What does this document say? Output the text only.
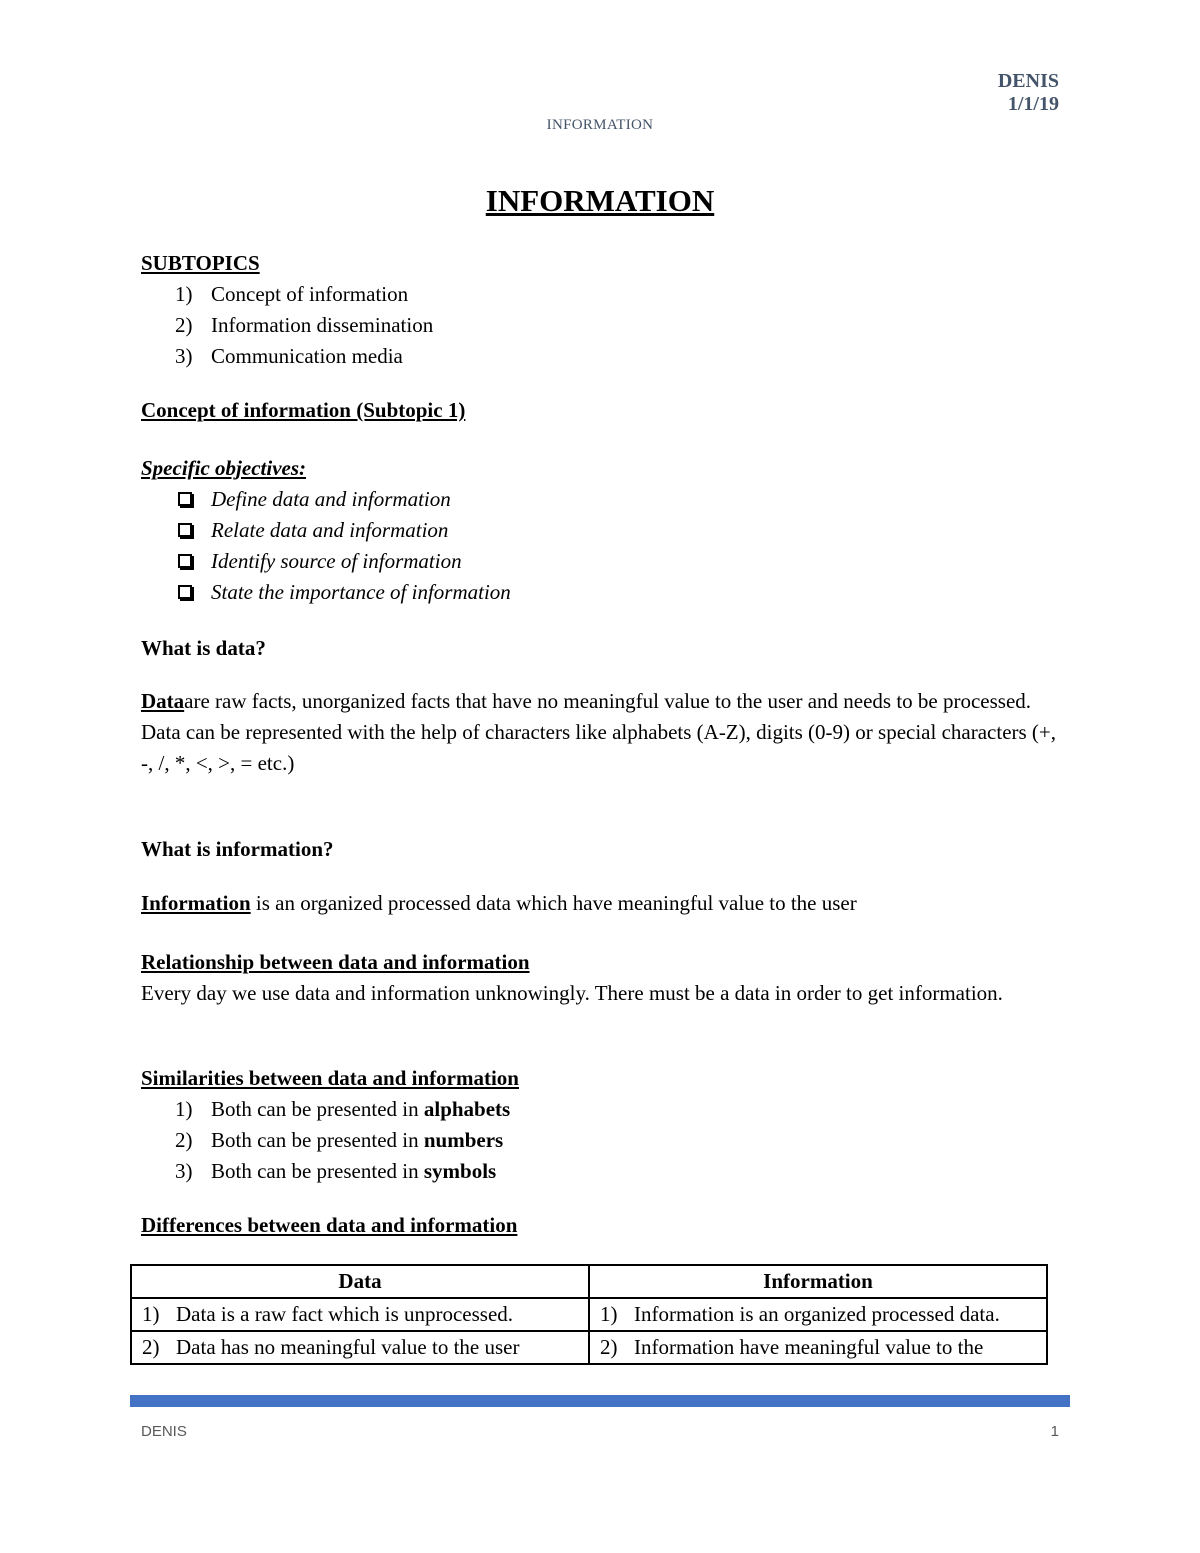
DENIS
1/1/19
INFORMATION
INFORMATION
SUBTOPICS
1) Concept of information
2) Information dissemination
3) Communication media
Concept of information (Subtopic 1)
Specific objectives:
Define data and information
Relate data and information
Identify source of information
State the importance of information
What is data?
Dataare raw facts, unorganized facts that have no meaningful value to the user and needs to be processed.
Data can be represented with the help of characters like alphabets (A-Z), digits (0-9) or special characters (+, -, /, *, <, >, = etc.)
What is information?
Information is an organized processed data which have meaningful value to the user
Relationship between data and information
Every day we use data and information unknowingly. There must be a data in order to get information.
Similarities between data and information
1) Both can be presented in alphabets
2) Both can be presented in numbers
3) Both can be presented in symbols
Differences between data and information
Data	Information

1) Data is a raw fact which is unprocessed.	1) Information is an organized processed data.

2) Data has no meaningful value to the user	2) Information have meaningful value to the
DENIS	1
